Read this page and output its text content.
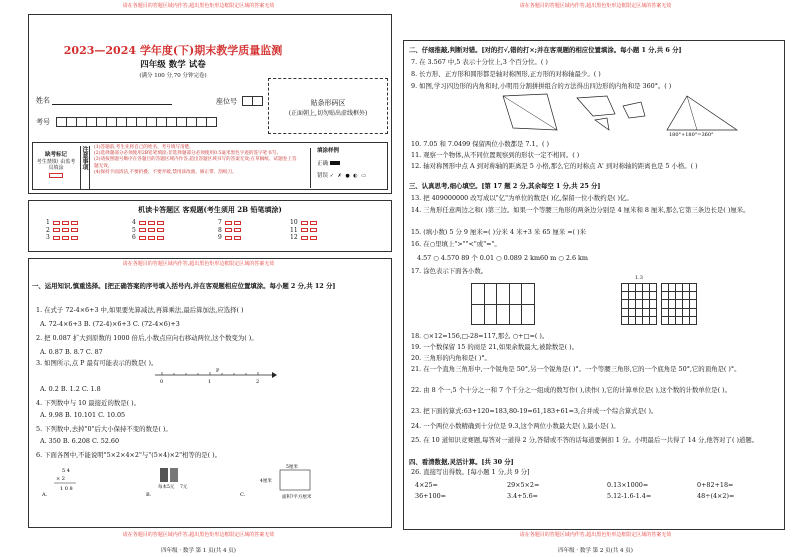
请在各题目的答题区域内作答,超出黑色矩形边框限定区域的答案无效
2023—2024 学年度(下)期末教学质量监测
四年级 数学 试卷
(满分 100 分,70 分钟完卷)
姓名	座位号
考号
贴条形码区
(正面朝上,切勿贴出虚线框外)
缺考标记
考生禁填! 由监考员填涂	注意事项	(1)答题前,考生先将自己的姓名、考号填写清楚。
(2)选择题部分必须使用2B铅笔填涂;非选择题部分必须使用0.5毫米黑色字迹的签字笔书写。
(3)请按照题号顺序在各题目的答题区域内作答,超出答题区域书写的答案无效;在草稿纸、试题卷上答题无效。
(4)保持卡面清洁,不要折叠、不要弄破,禁用涂改液、修正带、刮纸刀。
填涂样例
正确
错误 ✓ ✗ ● ◐ ▭
机读卡答题区 客观题(考生须用 2B 铅笔填涂)
1
2
3
4
5
6
7
8
9
10
11
12
请在各题目的答题区域内作答,超出黑色矩形边框限定区域的答案无效
一、运用知识,慎重选择。[把正确答案的序号填入括号内,并在客观题相应位置填涂。每小题 2 分,共 12 分]
1. 在式子 72-4×6+3 中,如果要先算减法,再算乘法,最后算加法,应选择( )
A. 72-4×6+3 B. (72-4)×6+3 C. (72-4×6)+3
2. 把 0.087 扩大到原数的 1000 倍后,小数点应向右移动两位,这个数变为( )。
A. 0.87 B. 8.7 C. 87
3. 如图所示,点 P 最有可能表示的数是( )。
0	1
P
2
A. 0.2 B. 1.2 C. 1.8
4. 下列数中与 10 最接近的数是( )。
A. 9.98 B. 10.101 C. 10.05
5. 下列数中,去掉"0"后大小保持不变的数是( )。
A. 350 B. 6.208 C. 52.60
6. 下面各图中,不能说明"5×2×4×2"与"(5×4)×2"相等的是( )。
5 4
× 2
1 0 8
A.
每本5元 7元
B.
5厘米
4厘米
面积?平方厘米
C.
请在各题目的答题区域内作答,超出黑色矩形边框限定区域的答案无效
四年级 · 数学 第 1 页(共 4 页)
请在各题目的答题区域内作答,超出黑色矩形边框限定区域的答案无效
二、仔细推敲,判断对错。[对的打√,错的打×;并在客观题的相应位置填涂。每小题 1 分,共 6 分]
7. 在 3.567 中,5 表示十分位上,3 个百分位。( )
8. 长方形、正方形和圆形都是轴对称图形,正方形的对称轴最少。( )
9. 如图,学习四边形的内角和时,小明用分割拼拼组合的方法得出四边形的内角和是 360°。( )
180°+180°=360°
10. 7.05 和 7.0499 保留两位小数都是 7.1。( )
11. 观察一个物体,从不同位置观察到的形状一定不相同。( )
12. 轴对称图形中点 A 到对称轴的距离是 5 小格,那么它的对称点 A' 到对称轴的距离也是 5 小格。( )
三、认真思考,细心填空。[第 17 题 2 分,其余每空 1 分,共 25 分]
13. 把 409000000 改写成以"亿"为单位的数是( )亿,保留一位小数约是( )亿。
14. 三角形任意两边之和( )第三边。如果一个等腰三角形的两条边分别是 4 厘米和 8 厘米,那么它第三条边长是( )厘米。
15. (填小数) 5 分 9 厘米=( )分米 4 米+3 米 65 厘米 =( )米
16. 在○里填上">""<"或"="。
4.57 ○ 4.570 89 个 0.01 ○ 0.089 2 km60 m ○ 2.6 km
17. 涂色表示下面各小数。
1.3
18. ○×12=156,□-28=117,那么 ○+□=( )。
19. 一个数保留 15 的商是 21,如果余数最大,被除数是( )。
20. 三角形的内角和是( )°。
21. 在一个直角三角形中,一个锐角是 50°,另一个锐角是( )°。一个等腰三角形,它的一个底角是 50°,它的顶角是( )°。
22. 由 8 个一,5 个十分之一和 7 个千分之一组成的数写作( ),读作( ),它的计算单位是( ),这个数的计数单位是( )。
23. 把下面的算式:63+120=183,80-19=61,183+61=3,合并成一个综合算式是( )。
24. 一个两位小数精确到十分位是 9.3,这个两位小数最大是( ),最小是( )。
25. 在 10 道知识竞赛题,每答对一道得 2 分,答错或不答的话每道要倒扣 1 分。小明最后一共得了 14 分,他答对了( )道题。
四、看清数据,灵活计算。[共 30 分]
26. 直接写出得数。[每小题 1 分,共 9 分]
4×25=	29×5×2=	0.13×1000=	0+82+18=
36+100=	3.4+5.6=	5.12-1.6-1.4=	48÷(4×2)=
请在各题目的答题区域内作答,超出黑色矩形边框限定区域的答案无效
四年级 · 数学 第 2 页(共 4 页)
